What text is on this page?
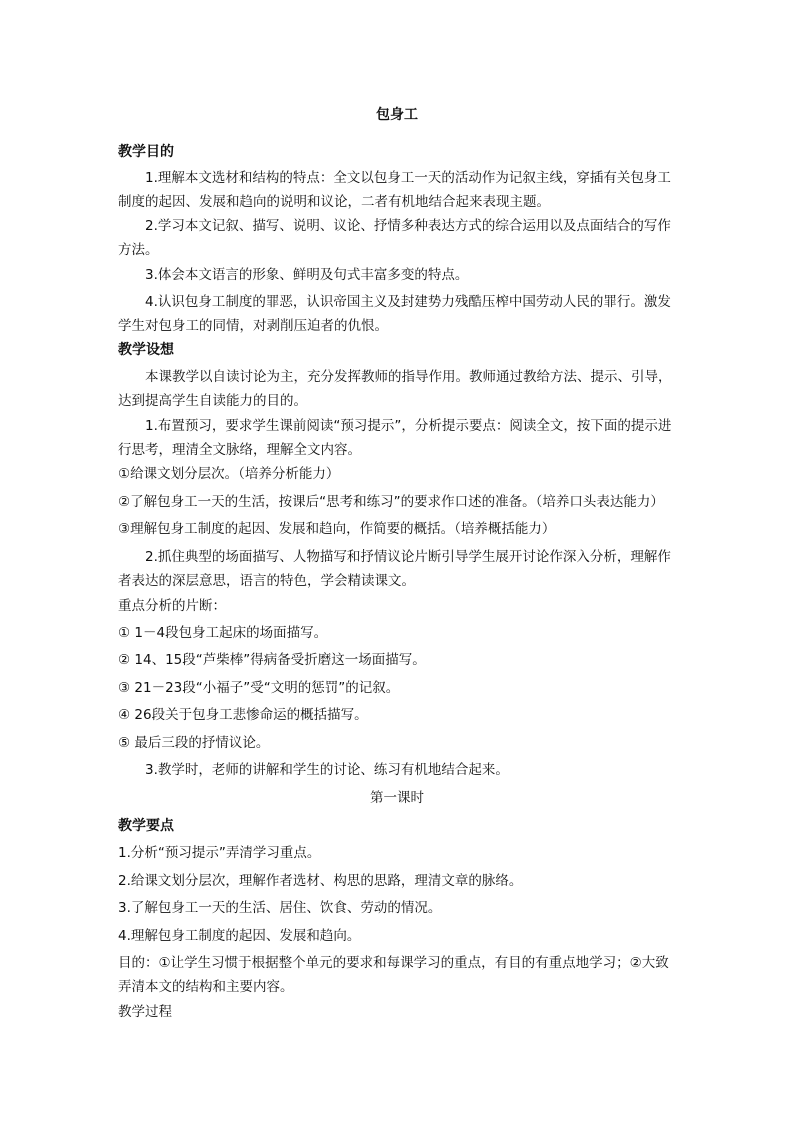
包身工
教学目的
1.理解本文选材和结构的特点：全文以包身工一天的活动作为记叙主线，穿插有关包身工制度的起因、发展和趋向的说明和议论，二者有机地结合起来表现主题。
2.学习本文记叙、描写、说明、议论、抒情多种表达方式的综合运用以及点面结合的写作方法。
3.体会本文语言的形象、鲜明及句式丰富多变的特点。
4.认识包身工制度的罪恶，认识帝国主义及封建势力残酷压榨中国劳动人民的罪行。激发学生对包身工的同情，对剥削压迫者的仇恨。
教学设想
本课教学以自读讨论为主，充分发挥教师的指导作用。教师通过教给方法、提示、引导，达到提高学生自读能力的目的。
1.布置预习，要求学生课前阅读“预习提示”，分析提示要点：阅读全文，按下面的提示进行思考，理清全文脉络，理解全文内容。
①给课文划分层次。（培养分析能力）
②了解包身工一天的生活，按课后“思考和练习”的要求作口述的准备。（培养口头表达能力）
③理解包身工制度的起因、发展和趋向，作简要的概括。（培养概括能力）
2.抓住典型的场面描写、人物描写和抒情议论片断引导学生展开讨论作深入分析，理解作者表达的深层意思，语言的特色，学会精读课文。
重点分析的片断：
① 1－4段包身工起床的场面描写。
② 14、15段“芦柴棒”得病备受折磨这一场面描写。
③ 21－23段“小福子”受“文明的惩罚”的记叙。
④ 26段关于包身工悲惨命运的概括描写。
⑤ 最后三段的抒情议论。
3.教学时，老师的讲解和学生的讨论、练习有机地结合起来。
第一课时
教学要点
1.分析“预习提示”弄清学习重点。
2.给课文划分层次，理解作者选材、构思的思路，理清文章的脉络。
3.了解包身工一天的生活、居住、饮食、劳动的情况。
4.理解包身工制度的起因、发展和趋向。
目的：①让学生习惯于根据整个单元的要求和每课学习的重点，有目的有重点地学习；②大致弄清本文的结构和主要内容。
教学过程
